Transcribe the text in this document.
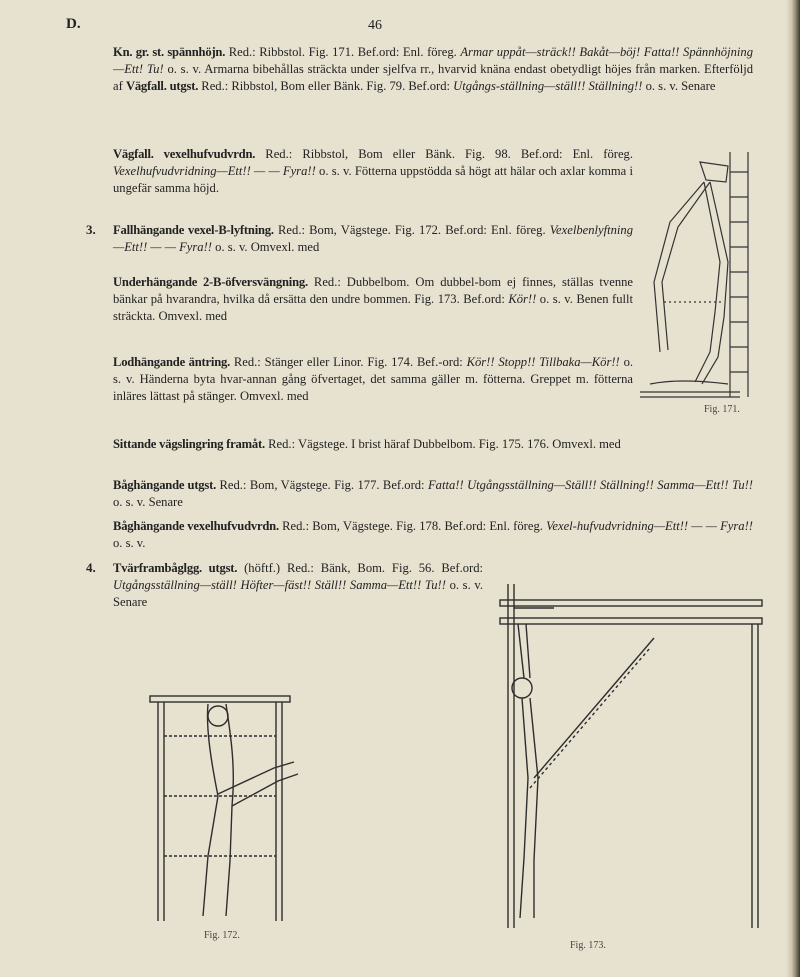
D.	46

Kn. gr. st. spännhöjn. Red.: Ribbstol. Fig. 171. Bef.ord: Enl. föreg. Armar uppåt—sträck!! Bakåt—böj! Fatta!! Spännhöjning—Ett! Tu! o. s. v. Armarna bibehållas sträckta under sjelfva rr., hvarvid knäna endast obetydligt höjes från marken. Efterföljd af Vägfall. utgst. Red.: Ribbstol, Bom eller Bänk. Fig. 79. Bef.ord: Utgångs-ställning—ställ!! Ställning!! o. s. v. Senare

Vägfall. vexelhufvudvrdn. Red.: Ribbstol, Bom eller Bänk. Fig. 98. Bef.ord: Enl. föreg. Vexelhufvudvridning—Ett!! — — Fyra!! o. s. v. Fötterna uppstödda så högt att hälar och axlar komma i ungefär samma höjd.

3. Fallhängande vexel-B-lyftning. Red.: Bom, Vägstege. Fig. 172. Bef.ord: Enl. föreg. Vexelbenlyftning—Ett!! — — Fyra!! o. s. v. Omvexl. med

Underhängande 2-B-öfversvängning. Red.: Dubbelbom. Om dubbel-bom ej finnes, ställas tvenne bänkar på hvarandra, hvilka då ersätta den undre bommen. Fig. 173. Bef.ord: Kör!! o. s. v. Benen fullt sträckta. Omvexl. med

Lodhängande äntring. Red.: Stänger eller Linor. Fig. 174. Bef.-ord: Kör!! Stopp!! Tillbaka—Kör!! o. s. v. Händerna byta hvar-annan gång öfvertaget, det samma gäller m. fötterna. Greppet m. fötterna inläres lättast på stänger. Omvexl. med

Sittande vägslingring framåt. Red.: Vägstege. I brist häraf Dubbelbom. Fig. 175. 176. Omvexl. med

Båghängande utgst. Red.: Bom, Vägstege. Fig. 177. Bef.ord: Fatta!! Utgångsställning—Ställ!! Ställning!! Samma—Ett!! Tu!! o. s. v. Senare

Båghängande vexelhufvudvrdn. Red.: Bom, Vägstege. Fig. 178. Bef.ord: Enl. föreg. Vexel-hufvudvridning—Ett!! — — Fyra!! o. s. v.

4. Tvärframbåglgg. utgst. (höftf.) Red.: Bänk, Bom. Fig. 56. Bef.ord: Utgångsställning—ställ! Höfter—fäst!! Ställ!! Samma—Ett!! Tu!! o. s. v. Senare

Fig. 171.
Fig. 172.
Fig. 173.
